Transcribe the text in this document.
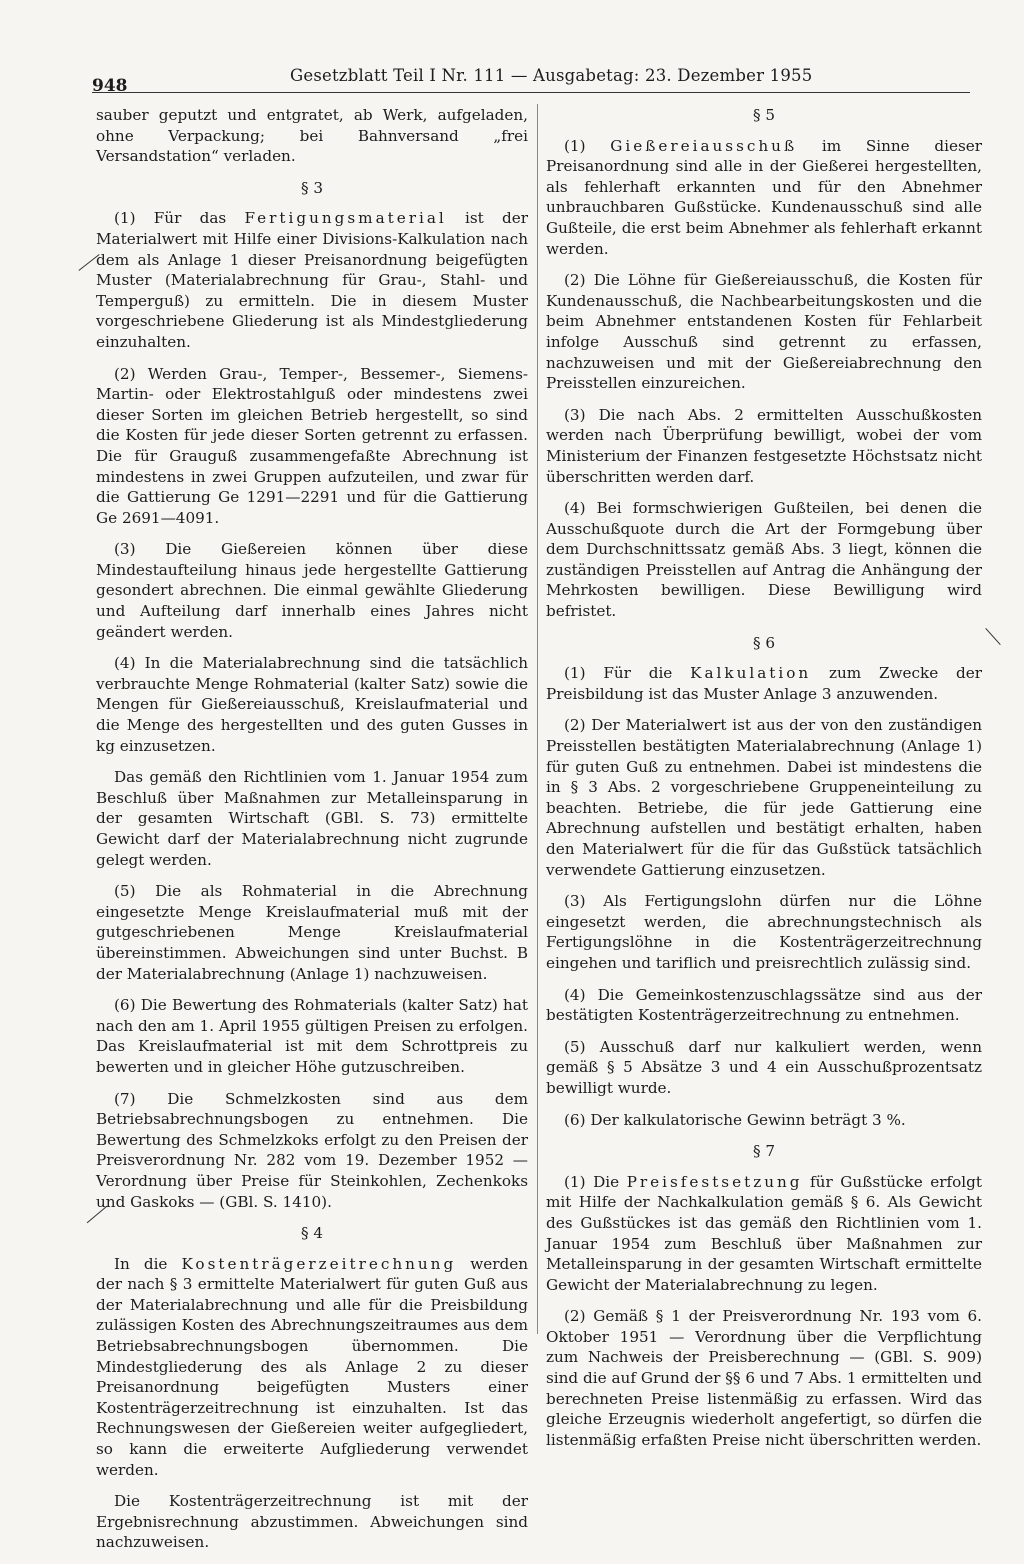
948
Gesetzblatt Teil I Nr. 111 — Ausgabetag: 23. Dezember 1955

sauber geputzt und entgratet, ab Werk, aufgeladen, ohne Verpackung; bei Bahnversand „frei Versandstation“ verladen.

§ 3

(1) Für das Fertigungsmaterial ist der Materialwert mit Hilfe einer Divisions-Kalkulation nach dem als Anlage 1 dieser Preisanordnung beigefügten Muster (Materialabrechnung für Grau-, Stahl- und Temperguß) zu ermitteln. Die in diesem Muster vorgeschriebene Gliederung ist als Mindestgliederung einzuhalten.

(2) Werden Grau-, Temper-, Bessemer-, Siemens-Martin- oder Elektrostahlguß oder mindestens zwei dieser Sorten im gleichen Betrieb hergestellt, so sind die Kosten für jede dieser Sorten getrennt zu erfassen. Die für Grauguß zusammengefaßte Abrechnung ist mindestens in zwei Gruppen aufzuteilen, und zwar für die Gattierung Ge 1291—2291 und für die Gattierung Ge 2691—4091.

(3) Die Gießereien können über diese Mindestaufteilung hinaus jede hergestellte Gattierung gesondert abrechnen. Die einmal gewählte Gliederung und Aufteilung darf innerhalb eines Jahres nicht geändert werden.

(4) In die Materialabrechnung sind die tatsächlich verbrauchte Menge Rohmaterial (kalter Satz) sowie die Mengen für Gießereiausschuß, Kreislaufmaterial und die Menge des hergestellten und des guten Gusses in kg einzusetzen.

Das gemäß den Richtlinien vom 1. Januar 1954 zum Beschluß über Maßnahmen zur Metalleinsparung in der gesamten Wirtschaft (GBl. S. 73) ermittelte Gewicht darf der Materialabrechnung nicht zugrunde gelegt werden.

(5) Die als Rohmaterial in die Abrechnung eingesetzte Menge Kreislaufmaterial muß mit der gutgeschriebenen Menge Kreislaufmaterial übereinstimmen. Abweichungen sind unter Buchst. B der Materialabrechnung (Anlage 1) nachzuweisen.

(6) Die Bewertung des Rohmaterials (kalter Satz) hat nach den am 1. April 1955 gültigen Preisen zu erfolgen. Das Kreislaufmaterial ist mit dem Schrottpreis zu bewerten und in gleicher Höhe gutzuschreiben.

(7) Die Schmelzkosten sind aus dem Betriebsabrechnungsbogen zu entnehmen. Die Bewertung des Schmelzkoks erfolgt zu den Preisen der Preisverordnung Nr. 282 vom 19. Dezember 1952 — Verordnung über Preise für Steinkohlen, Zechenkoks und Gaskoks — (GBl. S. 1410).

§ 4

In die Kostenträgerzeitrechnung werden der nach § 3 ermittelte Materialwert für guten Guß aus der Materialabrechnung und alle für die Preisbildung zulässigen Kosten des Abrechnungszeitraumes aus dem Betriebsabrechnungsbogen übernommen. Die Mindestgliederung des als Anlage 2 zu dieser Preisanordnung beigefügten Musters einer Kostenträgerzeitrechnung ist einzuhalten. Ist das Rechnungswesen der Gießereien weiter aufgegliedert, so kann die erweiterte Aufgliederung verwendet werden.

Die Kostenträgerzeitrechnung ist mit der Ergebnisrechnung abzustimmen. Abweichungen sind nachzuweisen.

§ 5

(1) Gießereiausschuß im Sinne dieser Preisanordnung sind alle in der Gießerei hergestellten, als fehlerhaft erkannten und für den Abnehmer unbrauchbaren Gußstücke. Kundenausschuß sind alle Gußteile, die erst beim Abnehmer als fehlerhaft erkannt werden.

(2) Die Löhne für Gießereiausschuß, die Kosten für Kundenausschuß, die Nachbearbeitungskosten und die beim Abnehmer entstandenen Kosten für Fehlarbeit infolge Ausschuß sind getrennt zu erfassen, nachzuweisen und mit der Gießereiabrechnung den Preisstellen einzureichen.

(3) Die nach Abs. 2 ermittelten Ausschußkosten werden nach Überprüfung bewilligt, wobei der vom Ministerium der Finanzen festgesetzte Höchstsatz nicht überschritten werden darf.

(4) Bei formschwierigen Gußteilen, bei denen die Ausschußquote durch die Art der Formgebung über dem Durchschnittssatz gemäß Abs. 3 liegt, können die zuständigen Preisstellen auf Antrag die Anhängung der Mehrkosten bewilligen. Diese Bewilligung wird befristet.

§ 6

(1) Für die Kalkulation zum Zwecke der Preisbildung ist das Muster Anlage 3 anzuwenden.

(2) Der Materialwert ist aus der von den zuständigen Preisstellen bestätigten Materialabrechnung (Anlage 1) für guten Guß zu entnehmen. Dabei ist mindestens die in § 3 Abs. 2 vorgeschriebene Gruppeneinteilung zu beachten. Betriebe, die für jede Gattierung eine Abrechnung aufstellen und bestätigt erhalten, haben den Materialwert für die für das Gußstück tatsächlich verwendete Gattierung einzusetzen.

(3) Als Fertigungslohn dürfen nur die Löhne eingesetzt werden, die abrechnungstechnisch als Fertigungslöhne in die Kostenträgerzeitrechnung eingehen und tariflich und preisrechtlich zulässig sind.

(4) Die Gemeinkostenzuschlagssätze sind aus der bestätigten Kostenträgerzeitrechnung zu entnehmen.

(5) Ausschuß darf nur kalkuliert werden, wenn gemäß § 5 Absätze 3 und 4 ein Ausschußprozentsatz bewilligt wurde.

(6) Der kalkulatorische Gewinn beträgt 3 %.

§ 7

(1) Die Preisfestsetzung für Gußstücke erfolgt mit Hilfe der Nachkalkulation gemäß § 6. Als Gewicht des Gußstückes ist das gemäß den Richtlinien vom 1. Januar 1954 zum Beschluß über Maßnahmen zur Metalleinsparung in der gesamten Wirtschaft ermittelte Gewicht der Materialabrechnung zu legen.

(2) Gemäß § 1 der Preisverordnung Nr. 193 vom 6. Oktober 1951 — Verordnung über die Verpflichtung zum Nachweis der Preisberechnung — (GBl. S. 909) sind die auf Grund der §§ 6 und 7 Abs. 1 ermittelten und berechneten Preise listenmäßig zu erfassen. Wird das gleiche Erzeugnis wiederholt angefertigt, so dürfen die listenmäßig erfaßten Preise nicht überschritten werden.
